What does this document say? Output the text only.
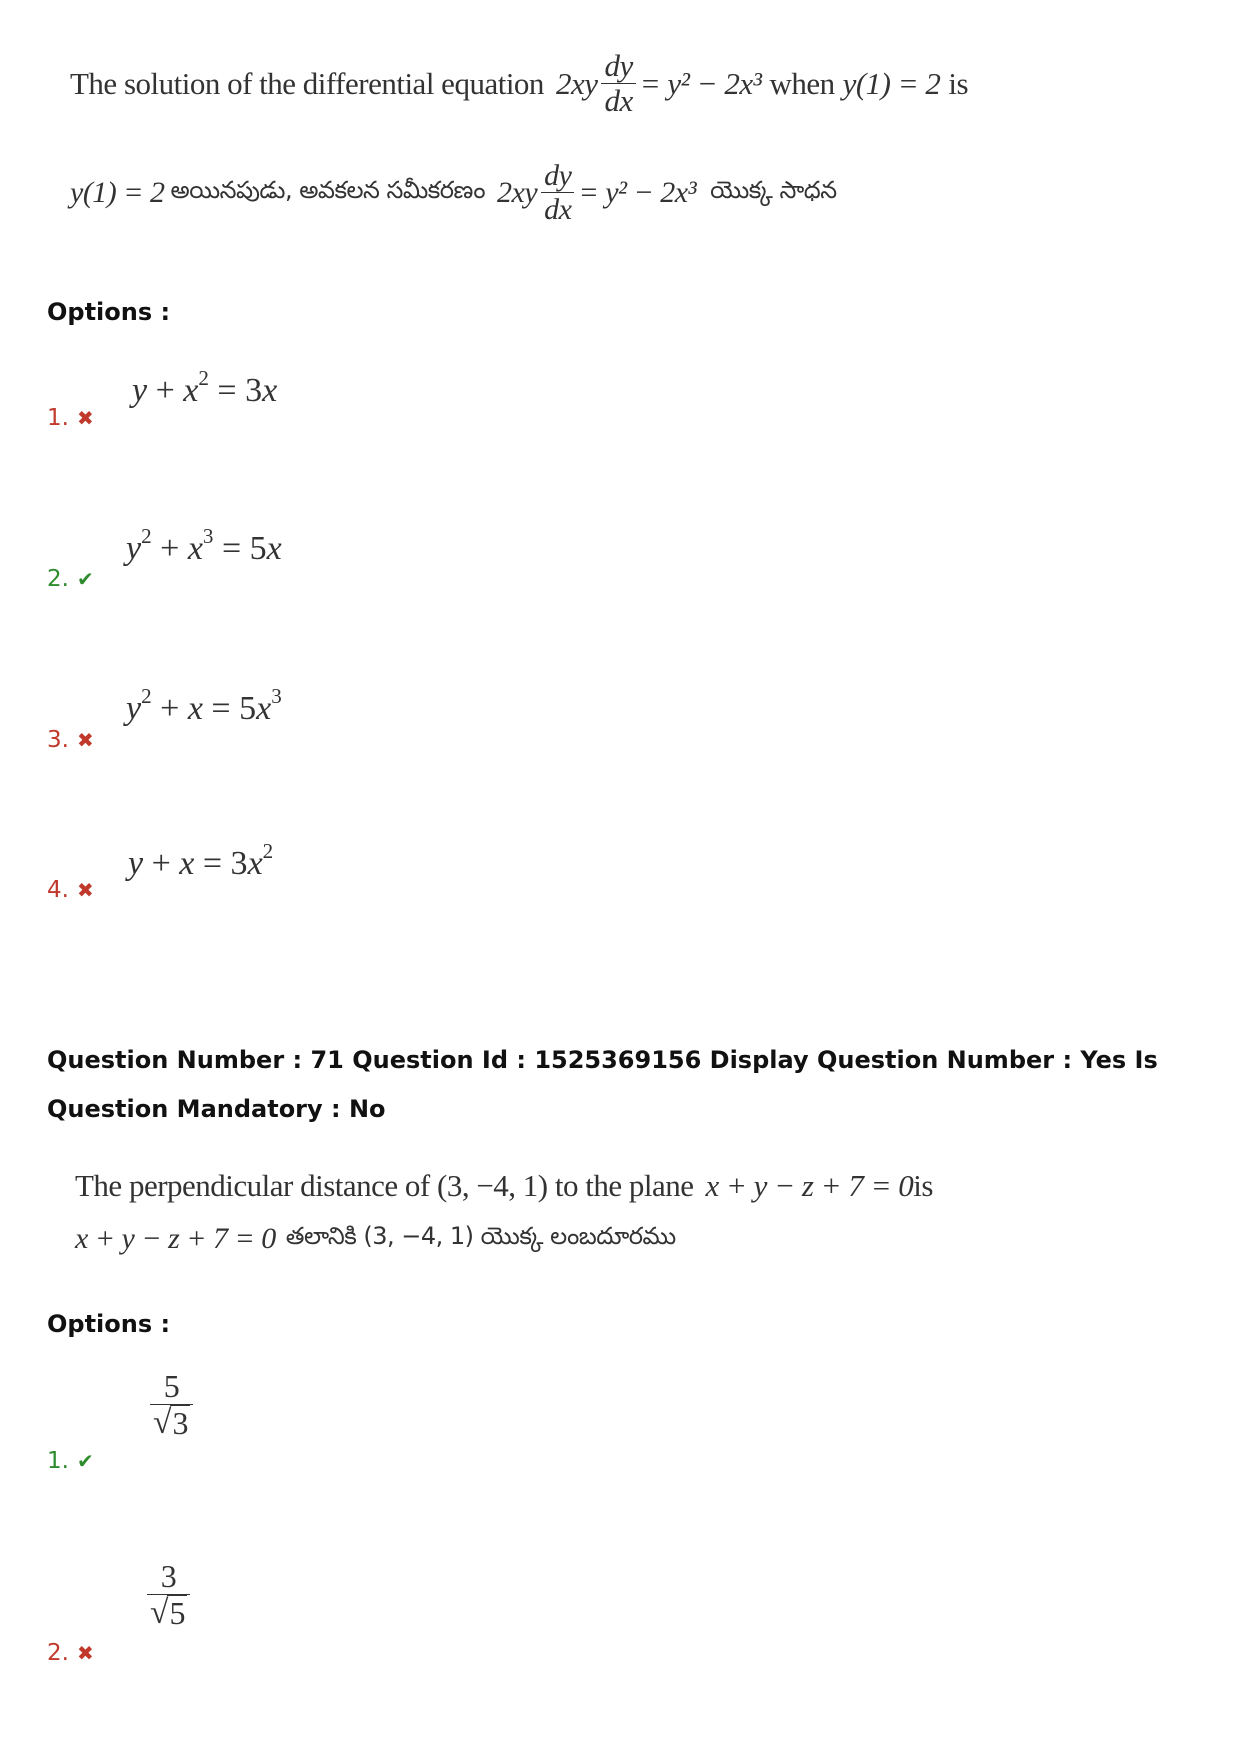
The solution of the differential equation $2xy \frac{dy}{dx} = y^2 - 2x^3$ when y(1) = 2 is
y(1) = 2 అయినపుడు, అవకలన సమీకరణం $2xy \frac{dy}{dx} = y^2 - 2x^3$ యొక్క సాధన
Options :
1. ✖
$y + x^2 = 3x$
2. ✔
$y^2 + x^3 = 5x$
3. ✖
$y^2 + x = 5x^3$
4. ✖
$y + x = 3x^2$
Question Number : 71 Question Id : 1525369156 Display Question Number : Yes Is Question Mandatory : No
The perpendicular distance of (3, −4, 1) to the plane x + y − z + 7 = 0 is
x + y − z + 7 = 0 తలానికి (3, −4, 1) యొక్క లంబదూరము
Options :
1. ✔
$\frac{5}{√ 3}$
2. ✖
$\frac{3}{√ 5}$
